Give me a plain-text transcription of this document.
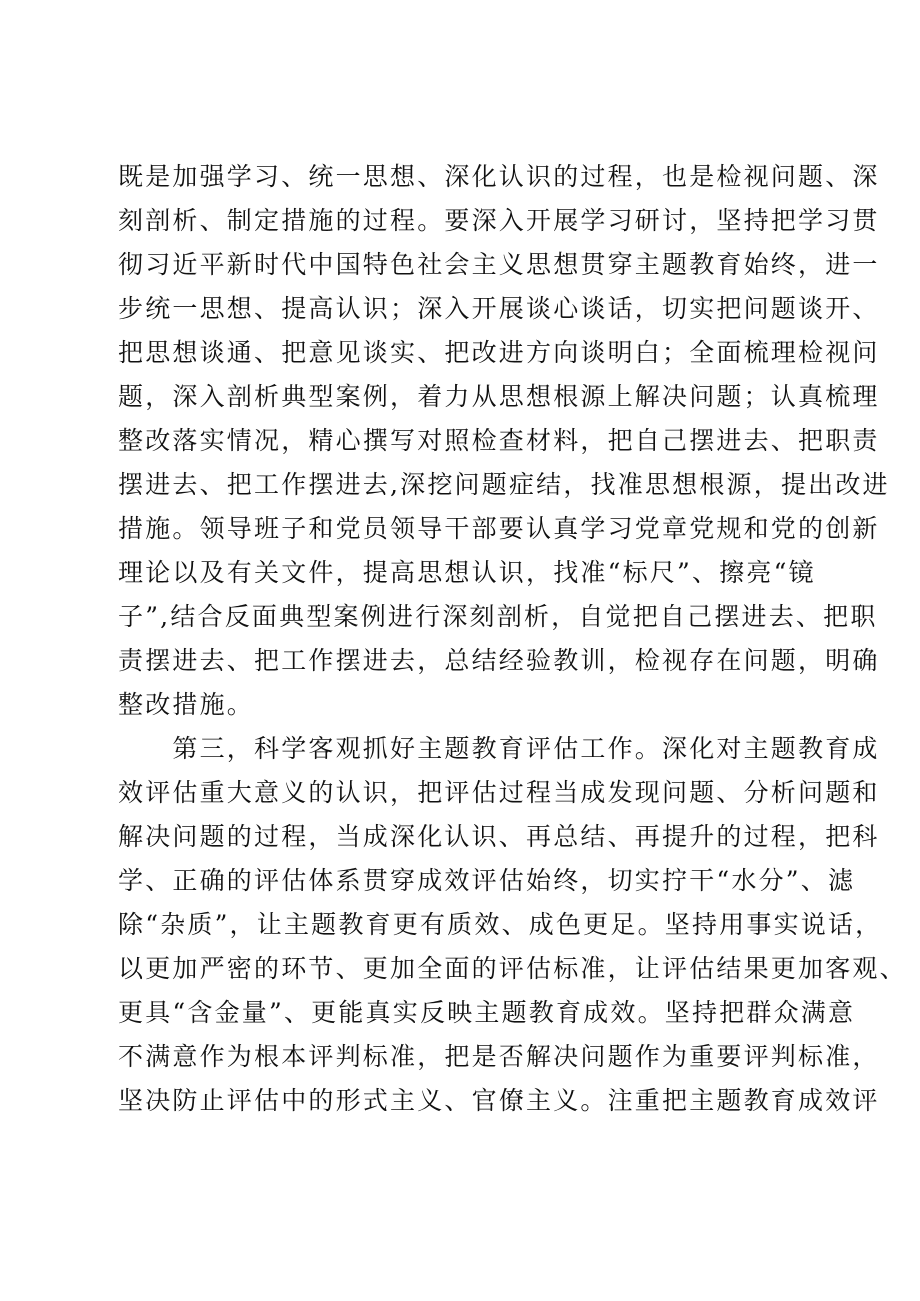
既是加强学习、统一思想、深化认识的过程，也是检视问题、深
刻剖析、制定措施的过程。要深入开展学习研讨，坚持把学习贯
彻习近平新时代中国特色社会主义思想贯穿主题教育始终，进一
步统一思想、提高认识；深入开展谈心谈话，切实把问题谈开、
把思想谈通、把意见谈实、把改进方向谈明白；全面梳理检视问
题，深入剖析典型案例，着力从思想根源上解决问题；认真梳理
整改落实情况，精心撰写对照检查材料，把自己摆进去、把职责
摆进去、把工作摆进去,深挖问题症结，找准思想根源，提出改进
措施。领导班子和党员领导干部要认真学习党章党规和党的创新
理论以及有关文件，提高思想认识，找准“标尺”、擦亮“镜
子”,结合反面典型案例进行深刻剖析，自觉把自己摆进去、把职
责摆进去、把工作摆进去，总结经验教训，检视存在问题，明确
整改措施。
　　第三，科学客观抓好主题教育评估工作。深化对主题教育成
效评估重大意义的认识，把评估过程当成发现问题、分析问题和
解决问题的过程，当成深化认识、再总结、再提升的过程，把科
学、正确的评估体系贯穿成效评估始终，切实拧干“水分”、滤
除“杂质”，让主题教育更有质效、成色更足。坚持用事实说话，
以更加严密的环节、更加全面的评估标准，让评估结果更加客观、
更具“含金量”、更能真实反映主题教育成效。坚持把群众满意
不满意作为根本评判标准，把是否解决问题作为重要评判标准，
坚决防止评估中的形式主义、官僚主义。注重把主题教育成效评
